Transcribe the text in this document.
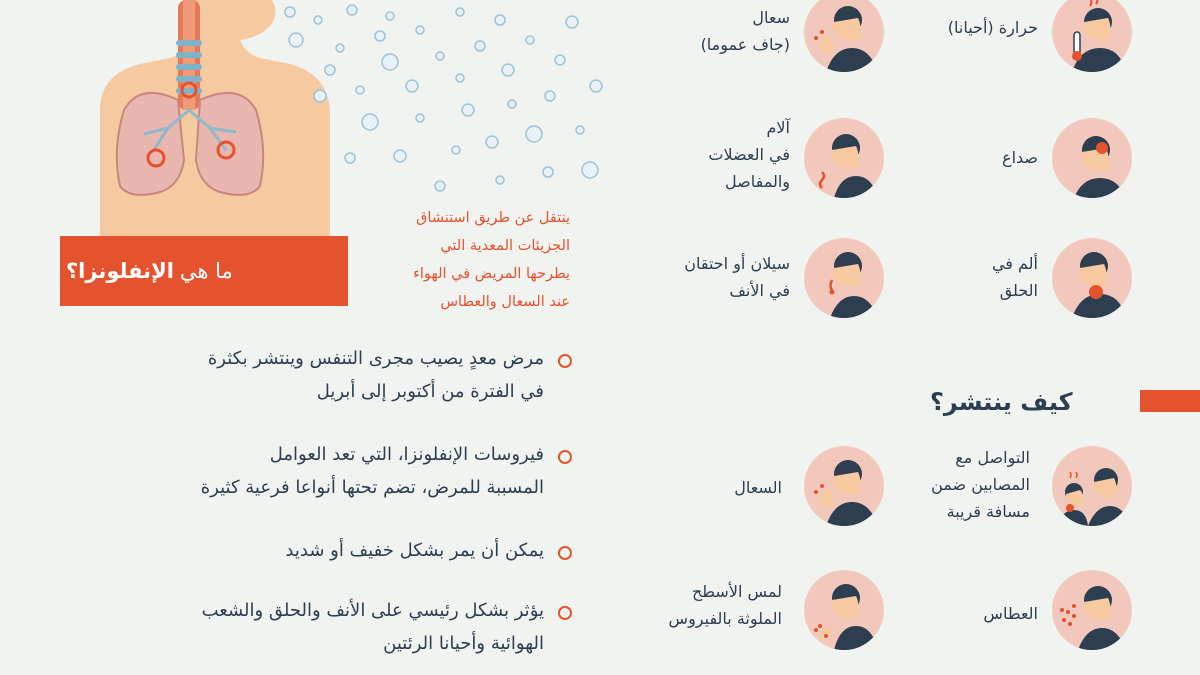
ما هي
الإنفلونزا؟
ينتقل عن طريق استنشاق
الجزيئات المعدية التي
يطرحها المريض في الهواء
عند السعال والعطاس
مرض معدٍ يصيب مجرى التنفس وينتشر بكثرة
في الفترة من أكتوبر إلى أبريل
فيروسات الإنفلونزا، التي تعد العوامل
المسببة للمرض، تضم تحتها أنواعا فرعية كثيرة
يمكن أن يمر بشكل خفيف أو شديد
يؤثر بشكل رئيسي على الأنف والحلق والشعب
الهوائية وأحيانا الرئتين
حرارة (أحيانا)
سعال
(جاف عموما)
صداع
آلام
في العضلات
والمفاصل
ألم في
الحلق
سيلان أو احتقان
في الأنف
كيف ينتشر؟
التواصل مع
المصابين ضمن
مسافة قريبة
السعال
العطاس
لمس الأسطح
الملوثة بالفيروس
